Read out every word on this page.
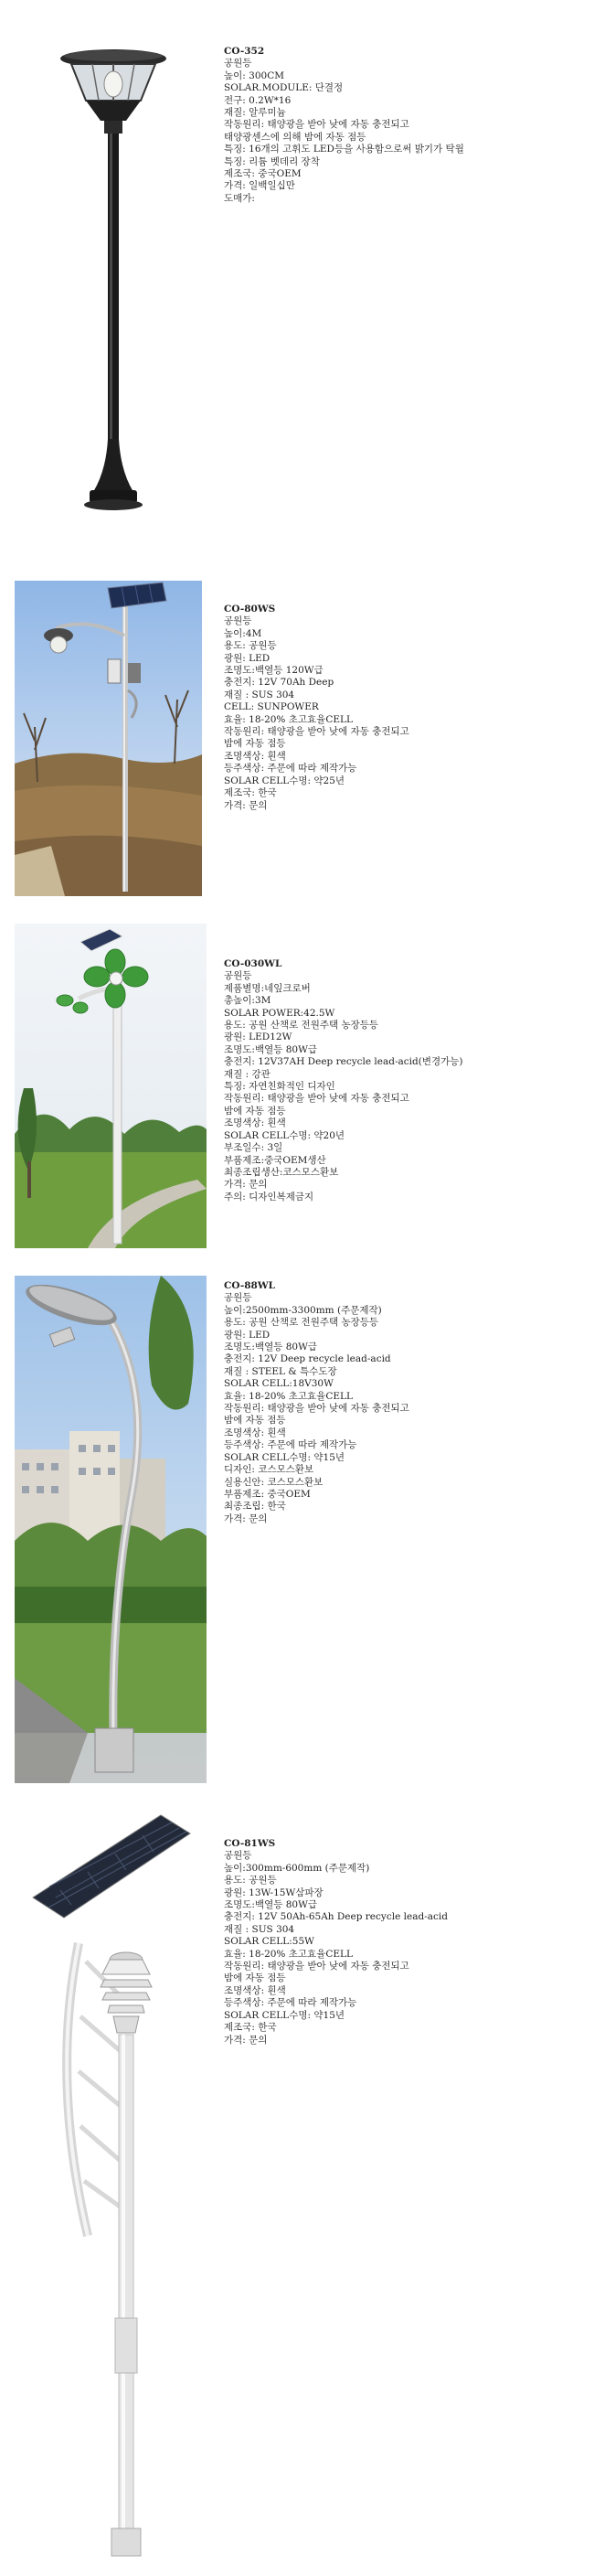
CO-352
공원등
높이: 300CM
SOLAR.MODULE: 단결정
전구: 0.2W*16
재질: 알루미늄
작동원리: 태양광을 받아 낮에 자동 충전되고
태양광센스에 의해 밤에 자동 점등
특징: 16개의 고휘도 LED등을 사용함으로써 밝기가 탁월
특징: 리튬 벳데리 장착
제조국: 중국OEM
가격: 일백일십만
도매가:
CO-80WS
공원등
높이:4M
용도: 공원등
광원: LED
조명도:백열등 120W급
충전지: 12V 70Ah Deep
재질 : SUS 304
CELL: SUNPOWER
효율: 18-20% 초고효율CELL
작동원리: 태양광을 받아 낮에 자동 충전되고
밤에 자동 점등
조명색상: 흰색
등주색상: 주문에 따라 제작가능
SOLAR CELL수명: 약25년
제조국: 한국
가격: 문의
CO-030WL
공원등
제품별명:네잎크로버
총높이:3M
SOLAR POWER:42.5W
용도: 공원 산책로 전원주택 농장등등
광원: LED12W
조명도:백열등 80W급
충전지: 12V37AH Deep recycle lead-acid(변경가능)
재질 : 강관
특징: 자연친화적인 디자인
작동원리: 태양광을 받아 낮에 자동 충전되고
밤에 자동 점등
조명색상: 흰색
SOLAR CELL수명: 약20년
부조일수: 3일
부품제조:중국OEM생산
최종조립생산:코스모스환보
가격: 문의
주의: 디자인복제금지
CO-88WL
공원등
높이:2500mm-3300mm (주문제작)
용도: 공원 산책로 전원주택 농장등등
광원: LED
조명도:백열등 80W급
충전지: 12V Deep recycle lead-acid
재질 : STEEL & 특수도장
SOLAR CELL:18V30W
효율: 18-20% 초고효율CELL
작동원리: 태양광을 받아 낮에 자동 충전되고
밤에 자동 점등
조명색상: 흰색
등주색상: 주문에 따라 제작가능
SOLAR CELL수명: 약15년
디자인: 코스모스환보
실용신안: 코스모스환보
부품제조: 중국OEM
최종조립: 한국
가격: 문의
CO-81WS
공원등
높이:300mm-600mm (주문제작)
용도: 공원등
광원: 13W-15W삼파장
조명도:백열등 80W급
충전지: 12V 50Ah-65Ah Deep recycle lead-acid
재질 : SUS 304
SOLAR CELL:55W
효율: 18-20% 초고효율CELL
작동원리: 태양광을 받아 낮에 자동 충전되고
밤에 자동 점등
조명색상: 흰색
등주색상: 주문에 따라 제작가능
SOLAR CELL수명: 약15년
제조국: 한국
가격: 문의
